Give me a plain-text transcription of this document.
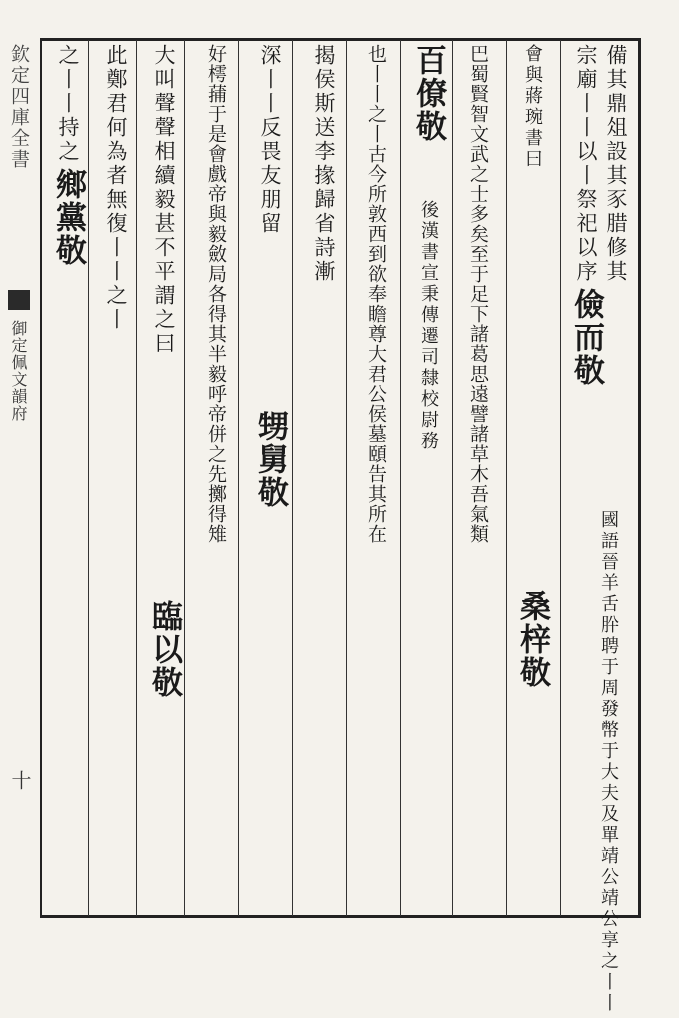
欽定四庫全書
御定佩文韻府
十
備其鼎俎設其豕腊修其
宗廟丨丨以丨祭祀以序 儉而敬
國語晉羊舌肸聘于周發幣于大夫及單靖公靖公享之丨丨
會與蔣琬書曰
桑梓敬
巴蜀賢智文武之士多矣至于足下諸葛思遠譬諸草木吾氣類
百僚敬
後漢書宣秉傳遷司隸校尉務
也丨丨之丨古今所敦西到欲奉瞻尊大君公侯墓頤告其所在
揭侯斯送李掾歸省詩漸
深丨丨反畏友朋留
甥舅敬
好樗蒱于是會戲帝與毅斂局各得其半毅呼帝併之先擲得雉
大叫聲聲相續毅甚不平謂之曰
臨以敬
此鄭君何為者無復丨丨之丨
之丨丨持之 鄉黨敬
